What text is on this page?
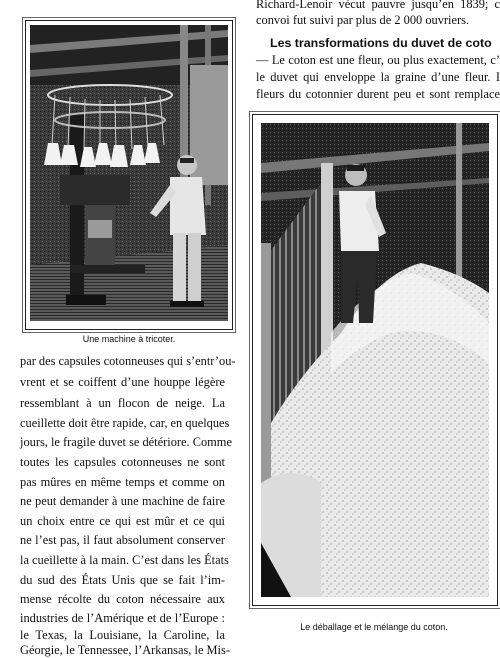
Richard-Lenoir vécut pauvre jusqu’en 1839; c
convoi fut suivi par plus de 2 000 ouvriers.
Les transformations du duvet de coto
— Le coton est une fleur, ou plus exactement, c’
le duvet qui enveloppe la graine d’une fleur. I
fleurs du cotonnier durent peu et sont remplace
Une machine à tricoter.
Le déballage et le mélange du coton.
par des capsules cotonneuses qui s’entr’ou-
vrent et se coiffent d’une houppe légère
ressemblant à un flocon de neige. La
cueillette doit être rapide, car, en quelques
jours, le fragile duvet se détériore. Comme
toutes les capsules cotonneuses ne sont
pas mûres en même temps et comme on
ne peut demander à une machine de faire
un choix entre ce qui est mûr et ce qui
ne l’est pas, il faut absolument conserver
la cueillette à la main. C’est dans les États
du sud des États Unis que se fait l’im-
mense récolte du coton nécessaire aux
industries de l’Amérique et de l’Europe :
le Texas, la Louisiane, la Caroline, la
Géorgie, le Tennessee, l’Arkansas, le Mis-
